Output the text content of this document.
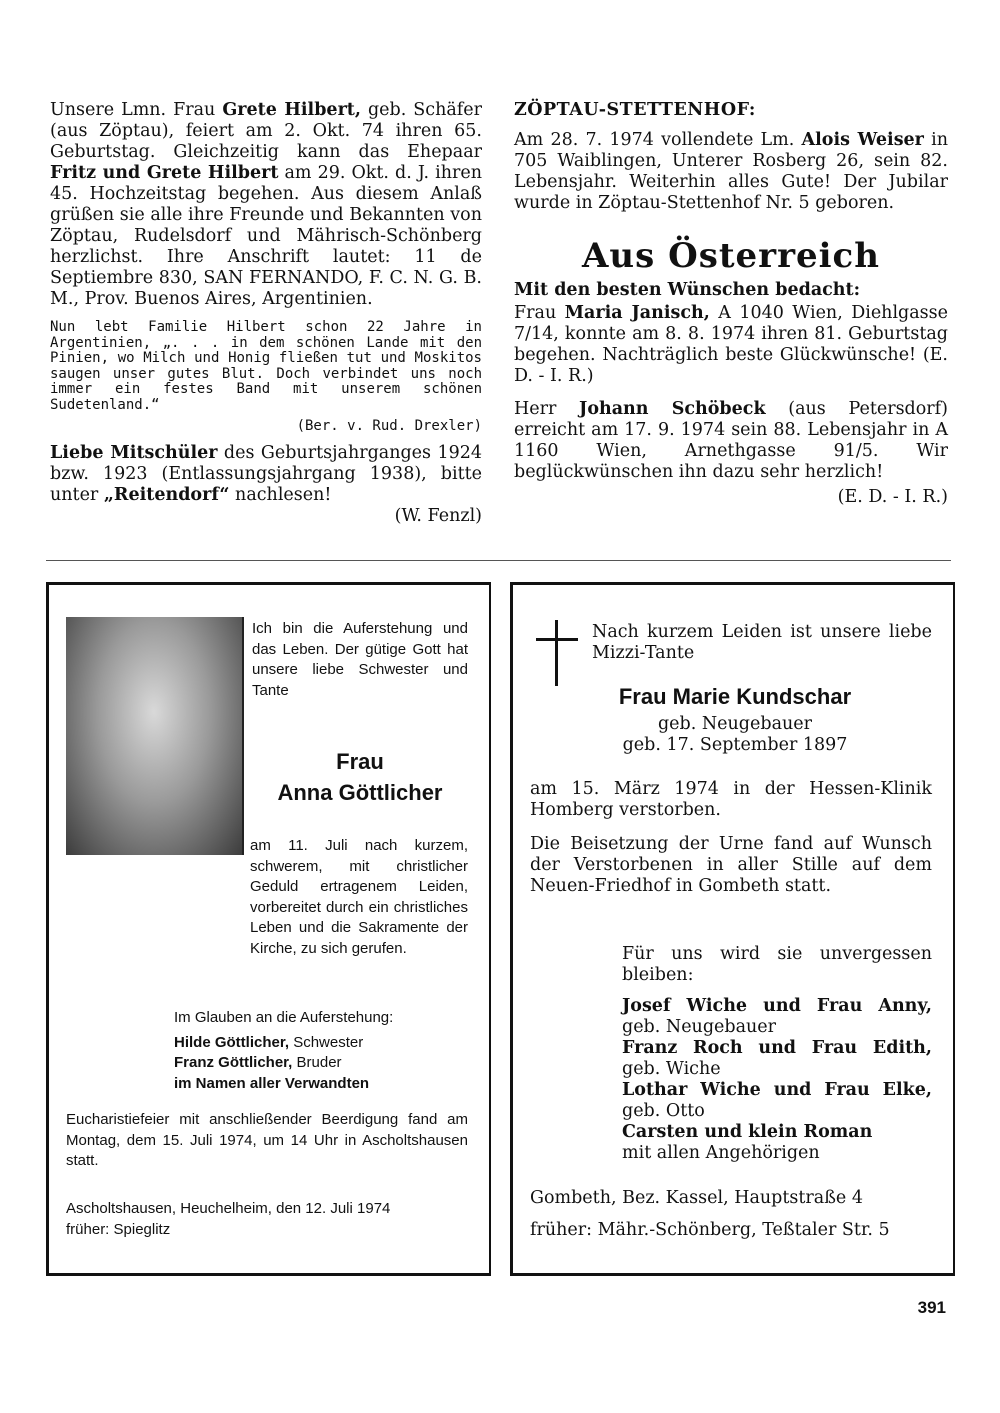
Unsere Lmn. Frau Grete Hilbert, geb. Schäfer (aus Zöptau), feiert am 2. Okt. 74 ihren 65. Geburtstag. Gleichzeitig kann das Ehepaar Fritz und Grete Hilbert am 29. Okt. d. J. ihren 45. Hochzeitstag begehen. Aus diesem Anlaß grüßen sie alle ihre Freunde und Bekannten von Zöptau, Rudelsdorf und Mährisch-Schönberg herzlichst. Ihre Anschrift lautet: 11 de Septiembre 830, SAN FERNANDO, F. C. N. G. B. M., Prov. Buenos Aires, Argentinien.

Nun lebt Familie Hilbert schon 22 Jahre in Argentinien, „. . . in dem schönen Lande mit den Pinien, wo Milch und Honig fließen tut und Moskitos saugen unser gutes Blut. Doch verbindet uns noch immer ein festes Band mit unserem schönen Sudetenland.“

(Ber. v. Rud. Drexler)

Liebe Mitschüler des Geburtsjahrganges 1924 bzw. 1923 (Entlassungsjahrgang 1938), bitte unter „Reitendorf“ nachlesen!

(W. Fenzl)

ZÖPTAU-STETTENHOF:

Am 28. 7. 1974 vollendete Lm. Alois Weiser in 705 Waiblingen, Unterer Rosberg 26, sein 82. Lebensjahr. Weiterhin alles Gute! Der Jubilar wurde in Zöptau-Stettenhof Nr. 5 geboren.

Aus Österreich

Mit den besten Wünschen bedacht:

Frau Maria Janisch, A 1040 Wien, Diehlgasse 7/14, konnte am 8. 8. 1974 ihren 81. Geburtstag begehen. Nachträglich beste Glückwünsche! (E. D. - I. R.)

Herr Johann Schöbeck (aus Petersdorf) erreicht am 17. 9. 1974 sein 88. Lebensjahr in A 1160 Wien, Arnethgasse 91/5. Wir beglückwünschen ihn dazu sehr herzlich!

(E. D. - I. R.)

Ich bin die Auferstehung und das Leben. Der gütige Gott hat unsere liebe Schwester und Tante
Frau
Anna Göttlicher
am 11. Juli nach kurzem, schwerem, mit christlicher Geduld ertragenem Leiden, vorbereitet durch ein christliches Leben und die Sakramente der Kirche, zu sich gerufen.
Im Glauben an die Auferstehung:
Hilde Göttlicher, Schwester
Franz Göttlicher, Bruder
im Namen aller Verwandten
Eucharistiefeier mit anschließender Beerdigung fand am Montag, dem 15. Juli 1974, um 14 Uhr in Ascholtshausen statt.
Ascholtshausen, Heuchelheim, den 12. Juli 1974
früher: Spieglitz
Nach kurzem Leiden ist unsere liebe Mizzi-Tante
Frau Marie Kundschar
geb. Neugebauer
geb. 17. September 1897
am 15. März 1974 in der Hessen-Klinik Homberg verstorben.
Die Beisetzung der Urne fand auf Wunsch der Verstorbenen in aller Stille auf dem Neuen-Friedhof in Gombeth statt.
Für uns wird sie unvergessen bleiben:
Josef Wiche und Frau Anny,
geb. Neugebauer
Franz Roch und Frau Edith,
geb. Wiche
Lothar Wiche und Frau Elke,
geb. Otto
Carsten und klein Roman
mit allen Angehörigen
Gombeth, Bez. Kassel, Hauptstraße 4
früher: Mähr.-Schönberg, Teßtaler Str. 5
391
